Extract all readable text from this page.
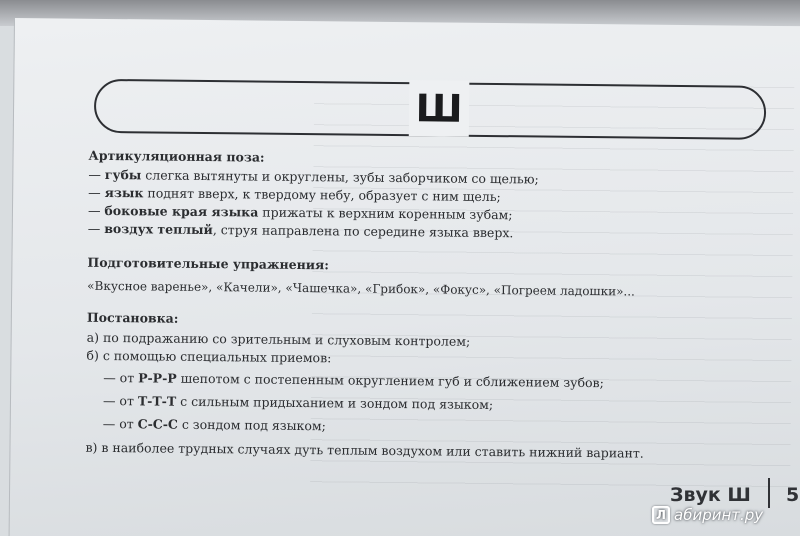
Ш
Артикуляционная поза:
— губы слегка вытянуты и округлены, зубы заборчиком со щелью;
— язык поднят вверх, к твердому небу, образует с ним щель;
— боковые края языка прижаты к верхним коренным зубам;
— воздух теплый, струя направлена по середине языка вверх.
Подготовительные упражнения:
«Вкусное варенье», «Качели», «Чашечка», «Грибок», «Фокус», «Погреем ладошки»...
Постановка:
а) по подражанию со зрительным и слуховым контролем;
б) с помощью специальных приемов:
— от Р-Р-Р шепотом с постепенным округлением губ и сближением зубов;
— от Т-Т-Т с сильным придыханием и зондом под языком;
— от С-С-С с зондом под языком;
в) в наиболее трудных случаях дуть теплым воздухом или ставить нижний вариант.
Звук Ш 5
Л абиринт.ру
